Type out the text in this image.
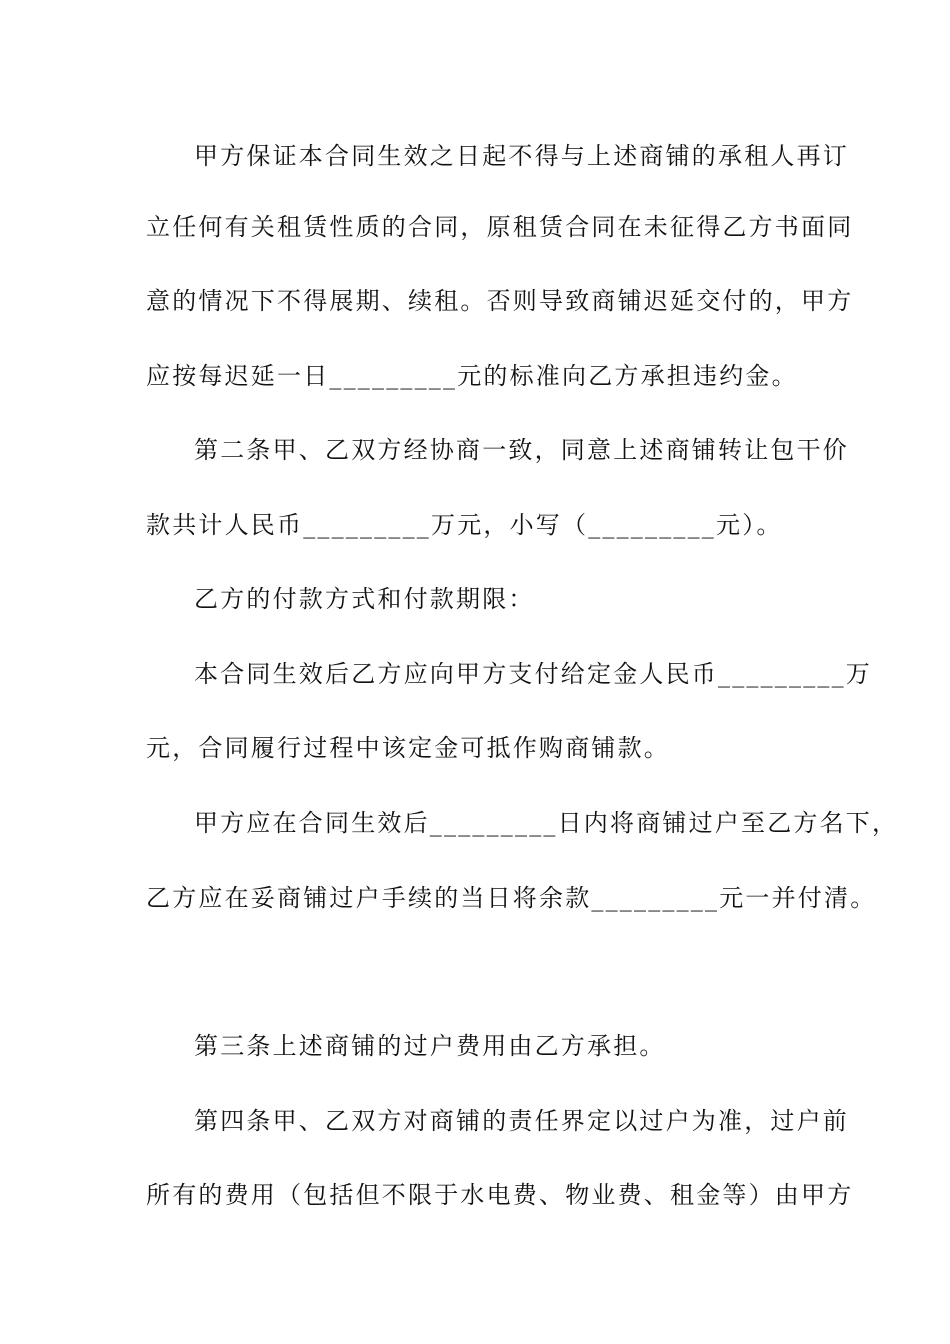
甲方保证本合同生效之日起不得与上述商铺的承租人再订
立任何有关租赁性质的合同，原租赁合同在未征得乙方书面同
意的情况下不得展期、续租。否则导致商铺迟延交付的，甲方
应按每迟延一日_________元的标准向乙方承担违约金。
第二条甲、乙双方经协商一致，同意上述商铺转让包干价
款共计人民币_________万元，小写（_________元）。
乙方的付款方式和付款期限：
本合同生效后乙方应向甲方支付给定金人民币_________万
元，合同履行过程中该定金可抵作购商铺款。
甲方应在合同生效后_________日内将商铺过户至乙方名下，
乙方应在妥商铺过户手续的当日将余款_________元一并付清。
第三条上述商铺的过户费用由乙方承担。
第四条甲、乙双方对商铺的责任界定以过户为准，过户前
所有的费用（包括但不限于水电费、物业费、租金等）由甲方
